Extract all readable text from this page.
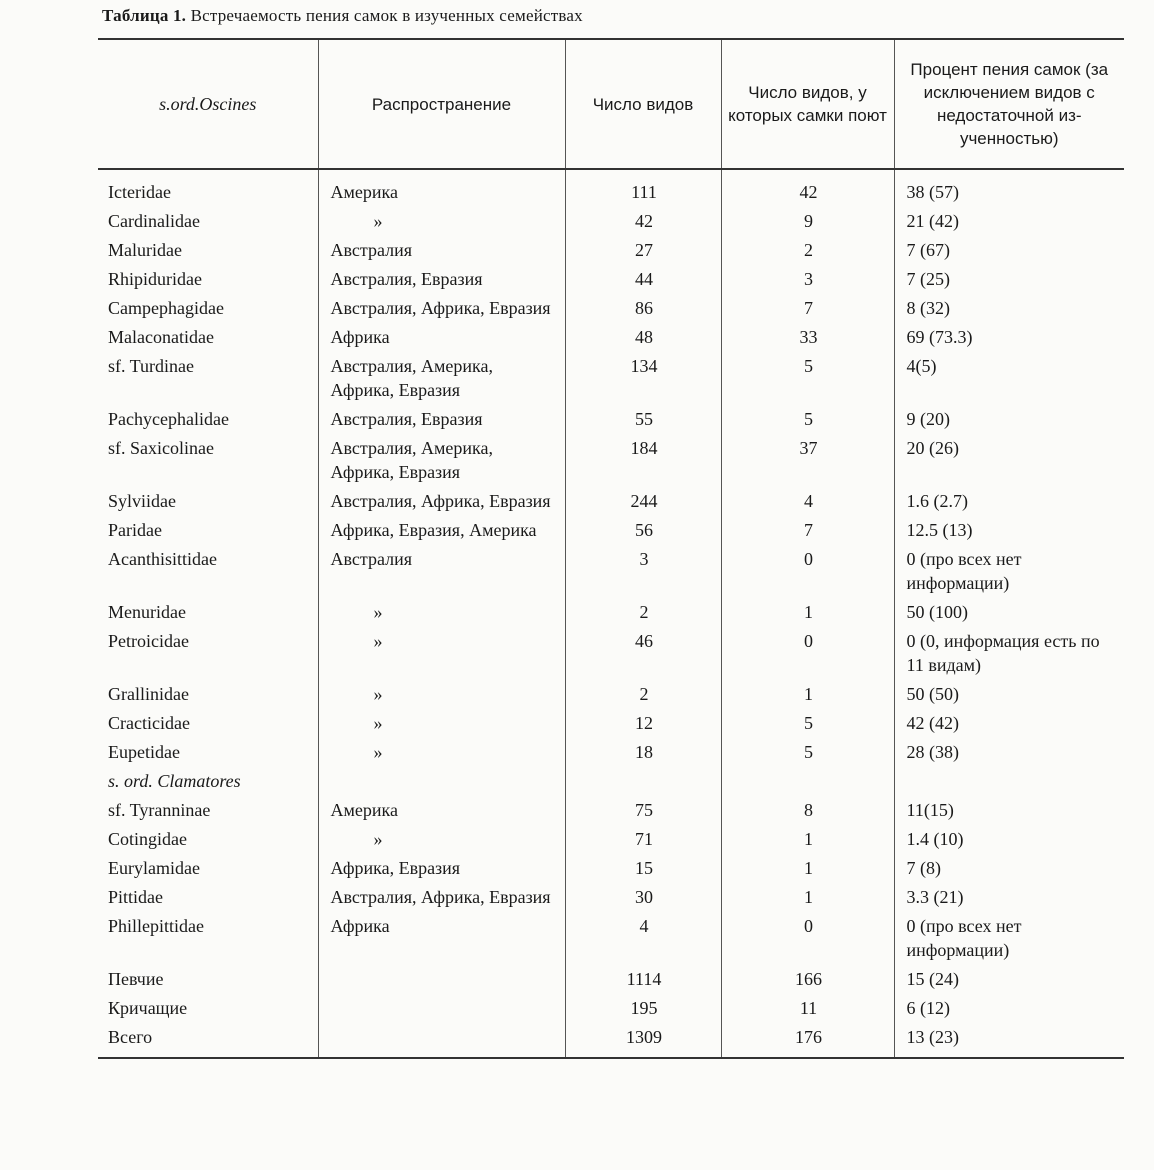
Таблица 1. Встречаемость пения самок в изученных семействах
s.ord.Oscines	Распространение	Число видов	Число видов, у которых самки поют	Процент пения самок (за исключением видов с недостаточной из-ученностью)
Icteridae	Америка	111	42	38 (57)
Cardinalidae	»	42	9	21 (42)
Maluridae	Австралия	27	2	7 (67)
Rhipiduridae	Австралия, Евразия	44	3	7 (25)
Campephagidae	Австралия, Африка, Евразия	86	7	8 (32)
Malaconatidae	Африка	48	33	69 (73.3)
sf. Turdinae	Австралия, Америка, Африка, Евразия	134	5	4(5)
Pachycephalidae	Австралия, Евразия	55	5	9 (20)
sf. Saxicolinae	Австралия, Америка, Африка, Евразия	184	37	20 (26)
Sylviidae	Австралия, Африка, Евразия	244	4	1.6 (2.7)
Paridae	Африка, Евразия, Америка	56	7	12.5 (13)
Acanthisittidae	Австралия	3	0	0 (про всех нет информации)
Menuridae	»	2	1	50 (100)
Petroicidae	»	46	0	0 (0, информация есть по 11 видам)
Grallinidae	»	2	1	50 (50)
Cracticidae	»	12	5	42 (42)
Eupetidae	»	18	5	28 (38)
s. ord. Clamatores				
sf. Tyranninae	Америка	75	8	11(15)
Cotingidae	»	71	1	1.4 (10)
Eurylamidae	Африка, Евразия	15	1	7 (8)
Pittidae	Австралия, Африка, Евразия	30	1	3.3 (21)
Phillepittidae	Африка	4	0	0 (про всех нет информации)
Певчие		1114	166	15 (24)
Кричащие		195	11	6 (12)
Всего		1309	176	13 (23)
